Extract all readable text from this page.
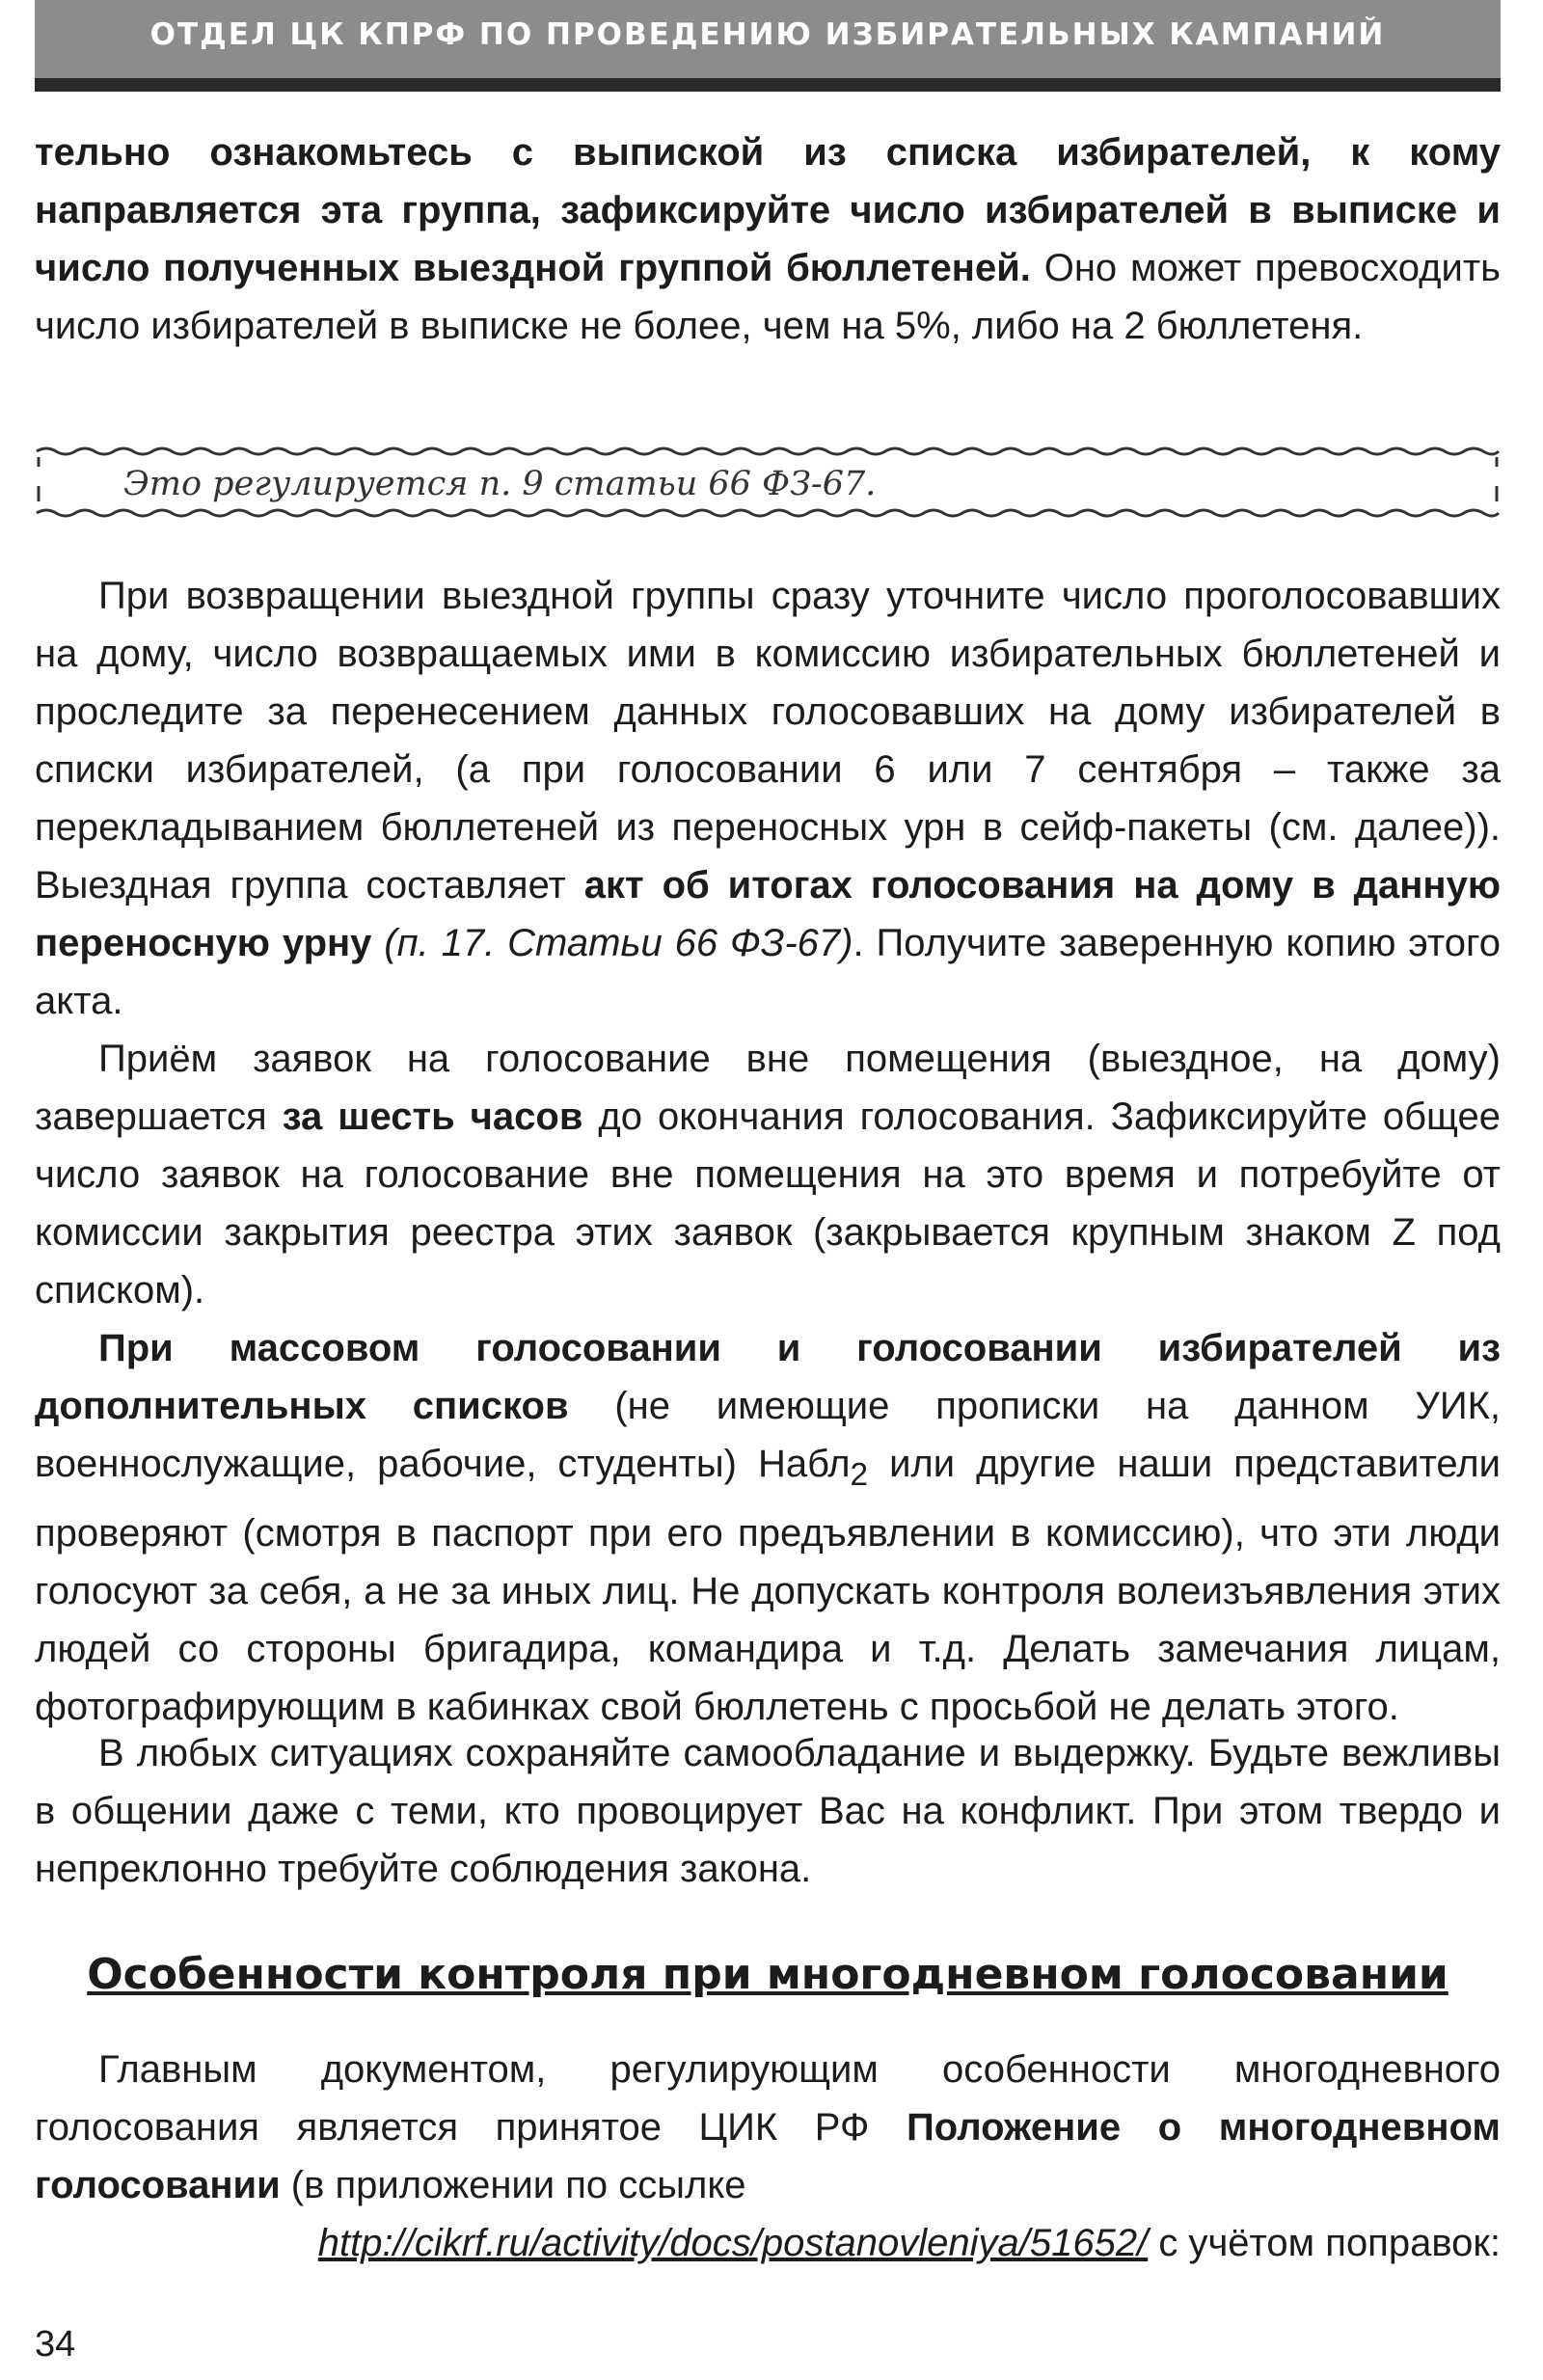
ОТДЕЛ ЦК КПРФ ПО ПРОВЕДЕНИЮ ИЗБИРАТЕЛЬНЫХ КАМПАНИЙ

тельно ознакомьтесь с выпиской из списка избирателей, к кому направляется эта группа, зафиксируйте число избирателей в выписке и число полученных выездной группой бюллетеней. Оно может превосходить число избирателей в выписке не более, чем на 5%, либо на 2 бюллетеня.

Это регулируется п. 9 статьи 66 ФЗ-67.

При возвращении выездной группы сразу уточните число проголосовавших на дому, число возвращаемых ими в комиссию избирательных бюллетеней и проследите за перенесением данных голосовавших на дому избирателей в списки избирателей, (а при голосовании 6 или 7 сентября – также за перекладыванием бюллетеней из переносных урн в сейф-пакеты (см. далее)). Выездная группа составляет акт об итогах голосования на дому в данную переносную урну (п. 17. Статьи 66 ФЗ-67). Получите заверенную копию этого акта.

Приём заявок на голосование вне помещения (выездное, на дому) завершается за шесть часов до окончания голосования. Зафиксируйте общее число заявок на голосование вне помещения на это время и потребуйте от комиссии закрытия реестра этих заявок (закрывается крупным знаком Z под списком).

При массовом голосовании и голосовании избирателей из дополнительных списков (не имеющие прописки на данном УИК, военнослужащие, рабочие, студенты) Набл$_2$ или другие наши представители проверяют (смотря в паспорт при его предъявлении в комиссию), что эти люди голосуют за себя, а не за иных лиц. Не допускать контроля волеизъявления этих людей со стороны бригадира, командира и т.д. Делать замечания лицам, фотографирующим в кабинках свой бюллетень с просьбой не делать этого.

В любых ситуациях сохраняйте самообладание и выдержку. Будьте вежливы в общении даже с теми, кто провоцирует Вас на конфликт. При этом твердо и непреклонно требуйте соблюдения закона.

Особенности контроля при многодневном голосовании

Главным документом, регулирующим особенности многодневного голосования является принятое ЦИК РФ Положение о многодневном голосовании (в приложении по ссылке

http://cikrf.ru/activity/docs/postanovleniya/51652/ с учётом поправок:

34
